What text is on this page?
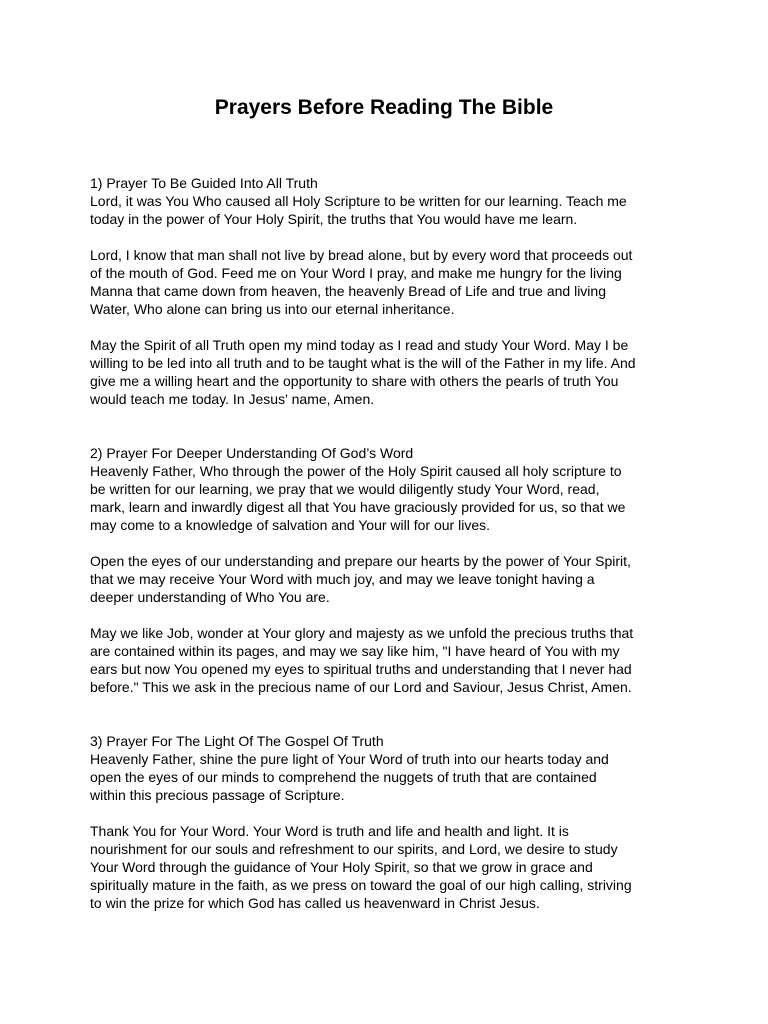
Prayers Before Reading The Bible

1) Prayer To Be Guided Into All Truth

Lord, it was You Who caused all Holy Scripture to be written for our learning. Teach me
today in the power of Your Holy Spirit, the truths that You would have me learn.

Lord, I know that man shall not live by bread alone, but by every word that proceeds out
of the mouth of God. Feed me on Your Word I pray, and make me hungry for the living
Manna that came down from heaven, the heavenly Bread of Life and true and living
Water, Who alone can bring us into our eternal inheritance.

May the Spirit of all Truth open my mind today as I read and study Your Word. May I be
willing to be led into all truth and to be taught what is the will of the Father in my life. And
give me a willing heart and the opportunity to share with others the pearls of truth You
would teach me today. In Jesus' name, Amen.

2) Prayer For Deeper Understanding Of God’s Word

Heavenly Father, Who through the power of the Holy Spirit caused all holy scripture to
be written for our learning, we pray that we would diligently study Your Word, read,
mark, learn and inwardly digest all that You have graciously provided for us, so that we
may come to a knowledge of salvation and Your will for our lives.

Open the eyes of our understanding and prepare our hearts by the power of Your Spirit,
that we may receive Your Word with much joy, and may we leave tonight having a
deeper understanding of Who You are.

May we like Job, wonder at Your glory and majesty as we unfold the precious truths that
are contained within its pages, and may we say like him, "I have heard of You with my
ears but now You opened my eyes to spiritual truths and understanding that I never had
before." This we ask in the precious name of our Lord and Saviour, Jesus Christ, Amen.

3) Prayer For The Light Of The Gospel Of Truth

Heavenly Father, shine the pure light of Your Word of truth into our hearts today and
open the eyes of our minds to comprehend the nuggets of truth that are contained
within this precious passage of Scripture.

Thank You for Your Word. Your Word is truth and life and health and light. It is
nourishment for our souls and refreshment to our spirits, and Lord, we desire to study
Your Word through the guidance of Your Holy Spirit, so that we grow in grace and
spiritually mature in the faith, as we press on toward the goal of our high calling, striving
to win the prize for which God has called us heavenward in Christ Jesus.
